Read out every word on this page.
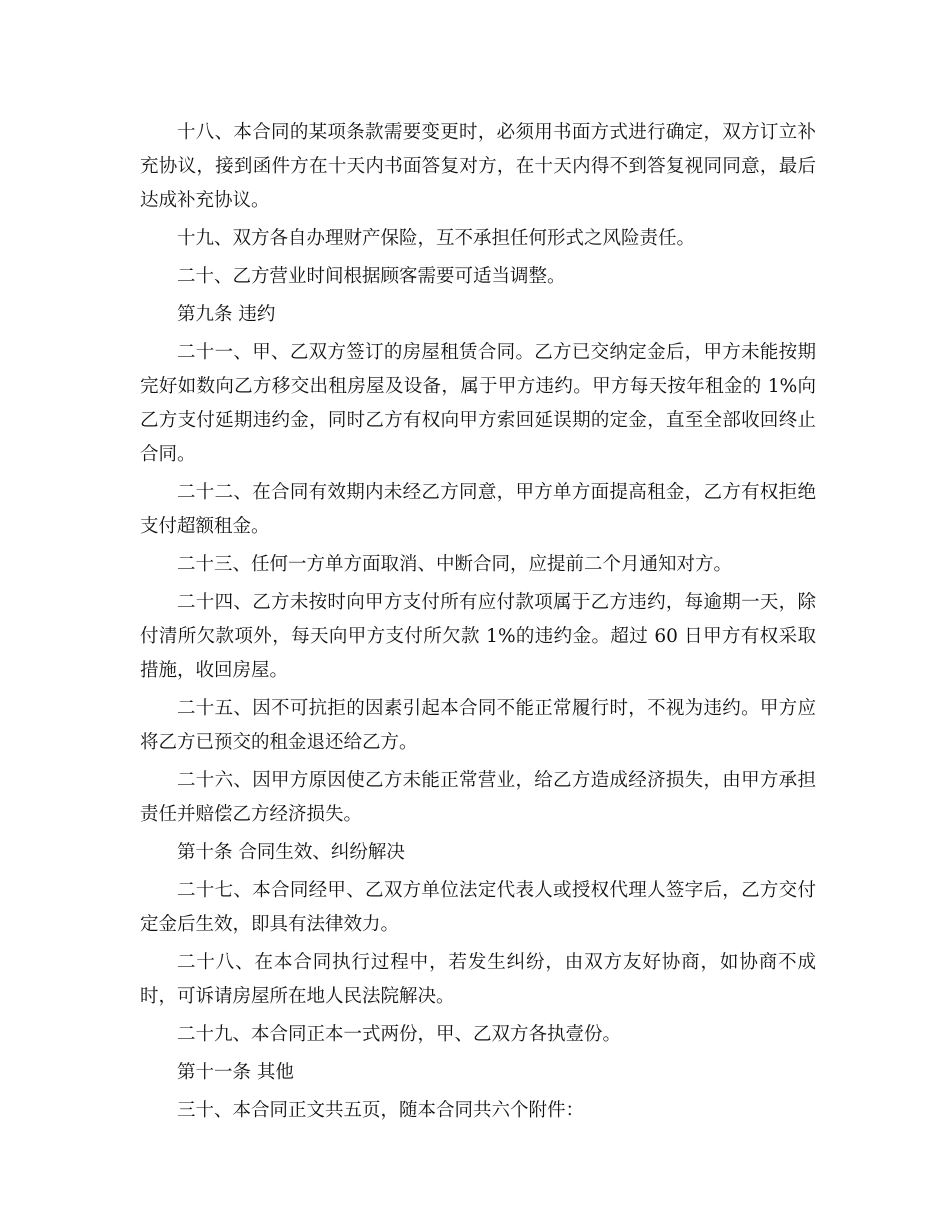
十八、本合同的某项条款需要变更时，必须用书面方式进行确定，双方订立补充协议，接到函件方在十天内书面答复对方，在十天内得不到答复视同同意，最后达成补充协议。

十九、双方各自办理财产保险，互不承担任何形式之风险责任。

二十、乙方营业时间根据顾客需要可适当调整。

第九条 违约

二十一、甲、乙双方签订的房屋租赁合同。乙方已交纳定金后，甲方未能按期完好如数向乙方移交出租房屋及设备，属于甲方违约。甲方每天按年租金的 1%向乙方支付延期违约金，同时乙方有权向甲方索回延误期的定金，直至全部收回终止合同。

二十二、在合同有效期内未经乙方同意，甲方单方面提高租金，乙方有权拒绝支付超额租金。

二十三、任何一方单方面取消、中断合同，应提前二个月通知对方。

二十四、乙方未按时向甲方支付所有应付款项属于乙方违约，每逾期一天，除付清所欠款项外，每天向甲方支付所欠款 1%的违约金。超过 60 日甲方有权采取措施，收回房屋。

二十五、因不可抗拒的因素引起本合同不能正常履行时，不视为违约。甲方应将乙方已预交的租金退还给乙方。

二十六、因甲方原因使乙方未能正常营业，给乙方造成经济损失，由甲方承担责任并赔偿乙方经济损失。

第十条 合同生效、纠纷解决

二十七、本合同经甲、乙双方单位法定代表人或授权代理人签字后，乙方交付定金后生效，即具有法律效力。

二十八、在本合同执行过程中，若发生纠纷，由双方友好协商，如协商不成时，可诉请房屋所在地人民法院解决。

二十九、本合同正本一式两份，甲、乙双方各执壹份。

第十一条 其他

三十、本合同正文共五页，随本合同共六个附件：
